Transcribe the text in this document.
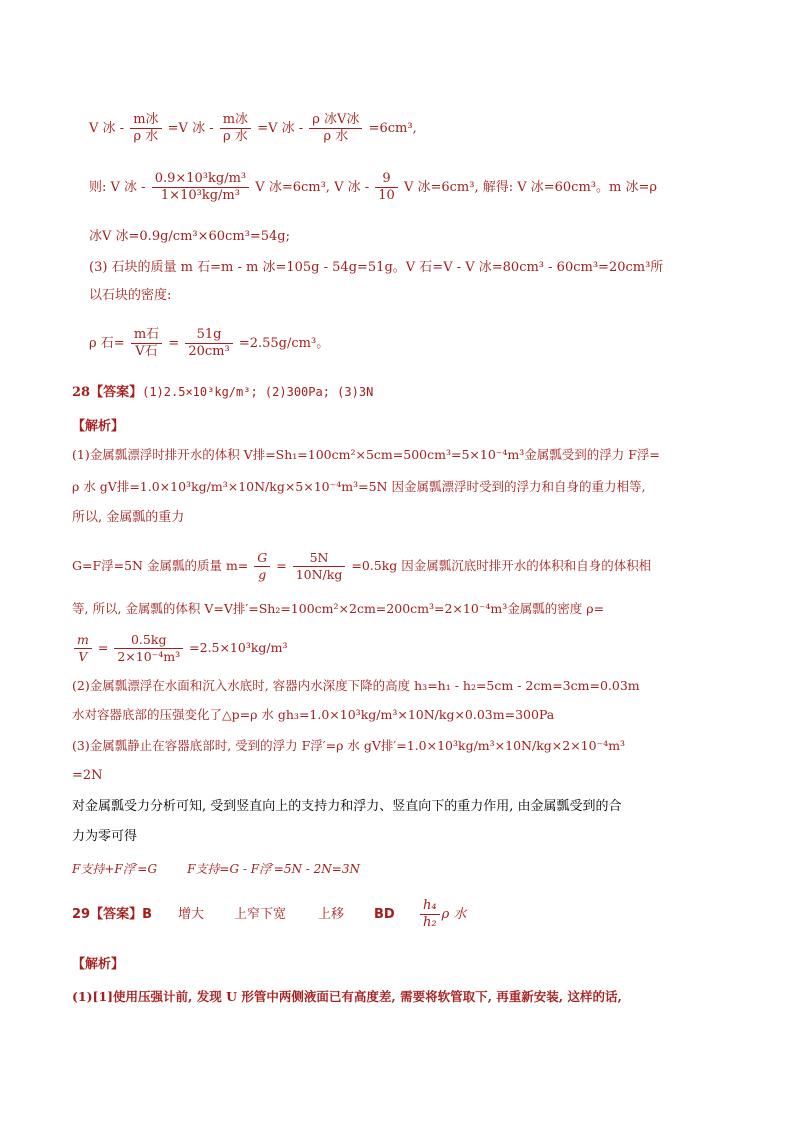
V 冰 - $\frac{\text{m冰}}{\text{ρ 水}} =V$ 冰 - $\frac{\text{m冰}}{\text{ρ 水}} =V$ 冰 - $\frac{\text{ρ 冰V冰}}{\text{ρ 水}} =6cm^3$,
则: V 冰 - $\frac{\text{0.9×10³kg/m³}}{\text{1×10³kg/m³}}$ V 冰=6cm³, V 冰 - $\frac{9}{10}$ V 冰=6cm³, 解得: V 冰=60cm³。m 冰=ρ
冰V 冰=0.9g/cm³×60cm³=54g;
(3) 石块的质量 m 石=m - m 冰=105g - 54g=51g。V 石=V - V 冰=80cm³ - 60cm³=20cm³所
以石块的密度:
ρ 石= $\frac{\text{m石}}{\text{V石}} = \frac{51g}{\text{20cm³}} =2.55g/cm^3$。
28【答案】(1)2.5×10³kg/m³; (2)300Pa; (3)3N
【解析】
(1)金属瓢漂浮时排开水的体积 V排=Sh₁=100cm²×5cm=500cm³=5×10⁻⁴m³金属瓢受到的浮力 F浮=
ρ 水 gV排=1.0×10³kg/m³×10N/kg×5×10⁻⁴m³=5N 因金属瓢漂浮时受到的浮力和自身的重力相等,
所以, 金属瓢的重力
G=F浮=5N 金属瓢的质量 $m= \frac{G}{g} = \frac{5N}{10N/kg} =0.5kg$ 因金属瓢沉底时排开水的体积和自身的体积相
等, 所以, 金属瓢的体积 V=V排′=Sh₂=100cm²×2cm=200cm³=2×10⁻⁴m³金属瓢的密度 ρ=
$\frac{m}{V} = \frac{0.5kg}{\text{2×10⁻⁴m³}} =2.5\times 10^3kg/m^3$
(2)金属瓢漂浮在水面和沉入水底时, 容器内水深度下降的高度 h₃=h₁ - h₂=5cm - 2cm=3cm=0.03m
水对容器底部的压强变化了△p=ρ 水 gh₃=1.0×10³kg/m³×10N/kg×0.03m=300Pa
(3)金属瓢静止在容器底部时, 受到的浮力 F浮′=ρ 水 gV排′=1.0×10³kg/m³×10N/kg×2×10⁻⁴m³
=2N
对金属瓢受力分析可知, 受到竖直向上的支持力和浮力、竖直向下的重力作用, 由金属瓢受到的合
力为零可得
F支持+F浮′=G	F支持=G - F浮′=5N - 2N=3N
29【答案】B 增大 上窄下宽 上移 BD $\frac{\text{h₄}}{\text{h₂}}$ ρ 水
【解析】
(1)[1]使用压强计前, 发现 U 形管中两侧液面已有高度差, 需要将软管取下, 再重新安装, 这样的话,
